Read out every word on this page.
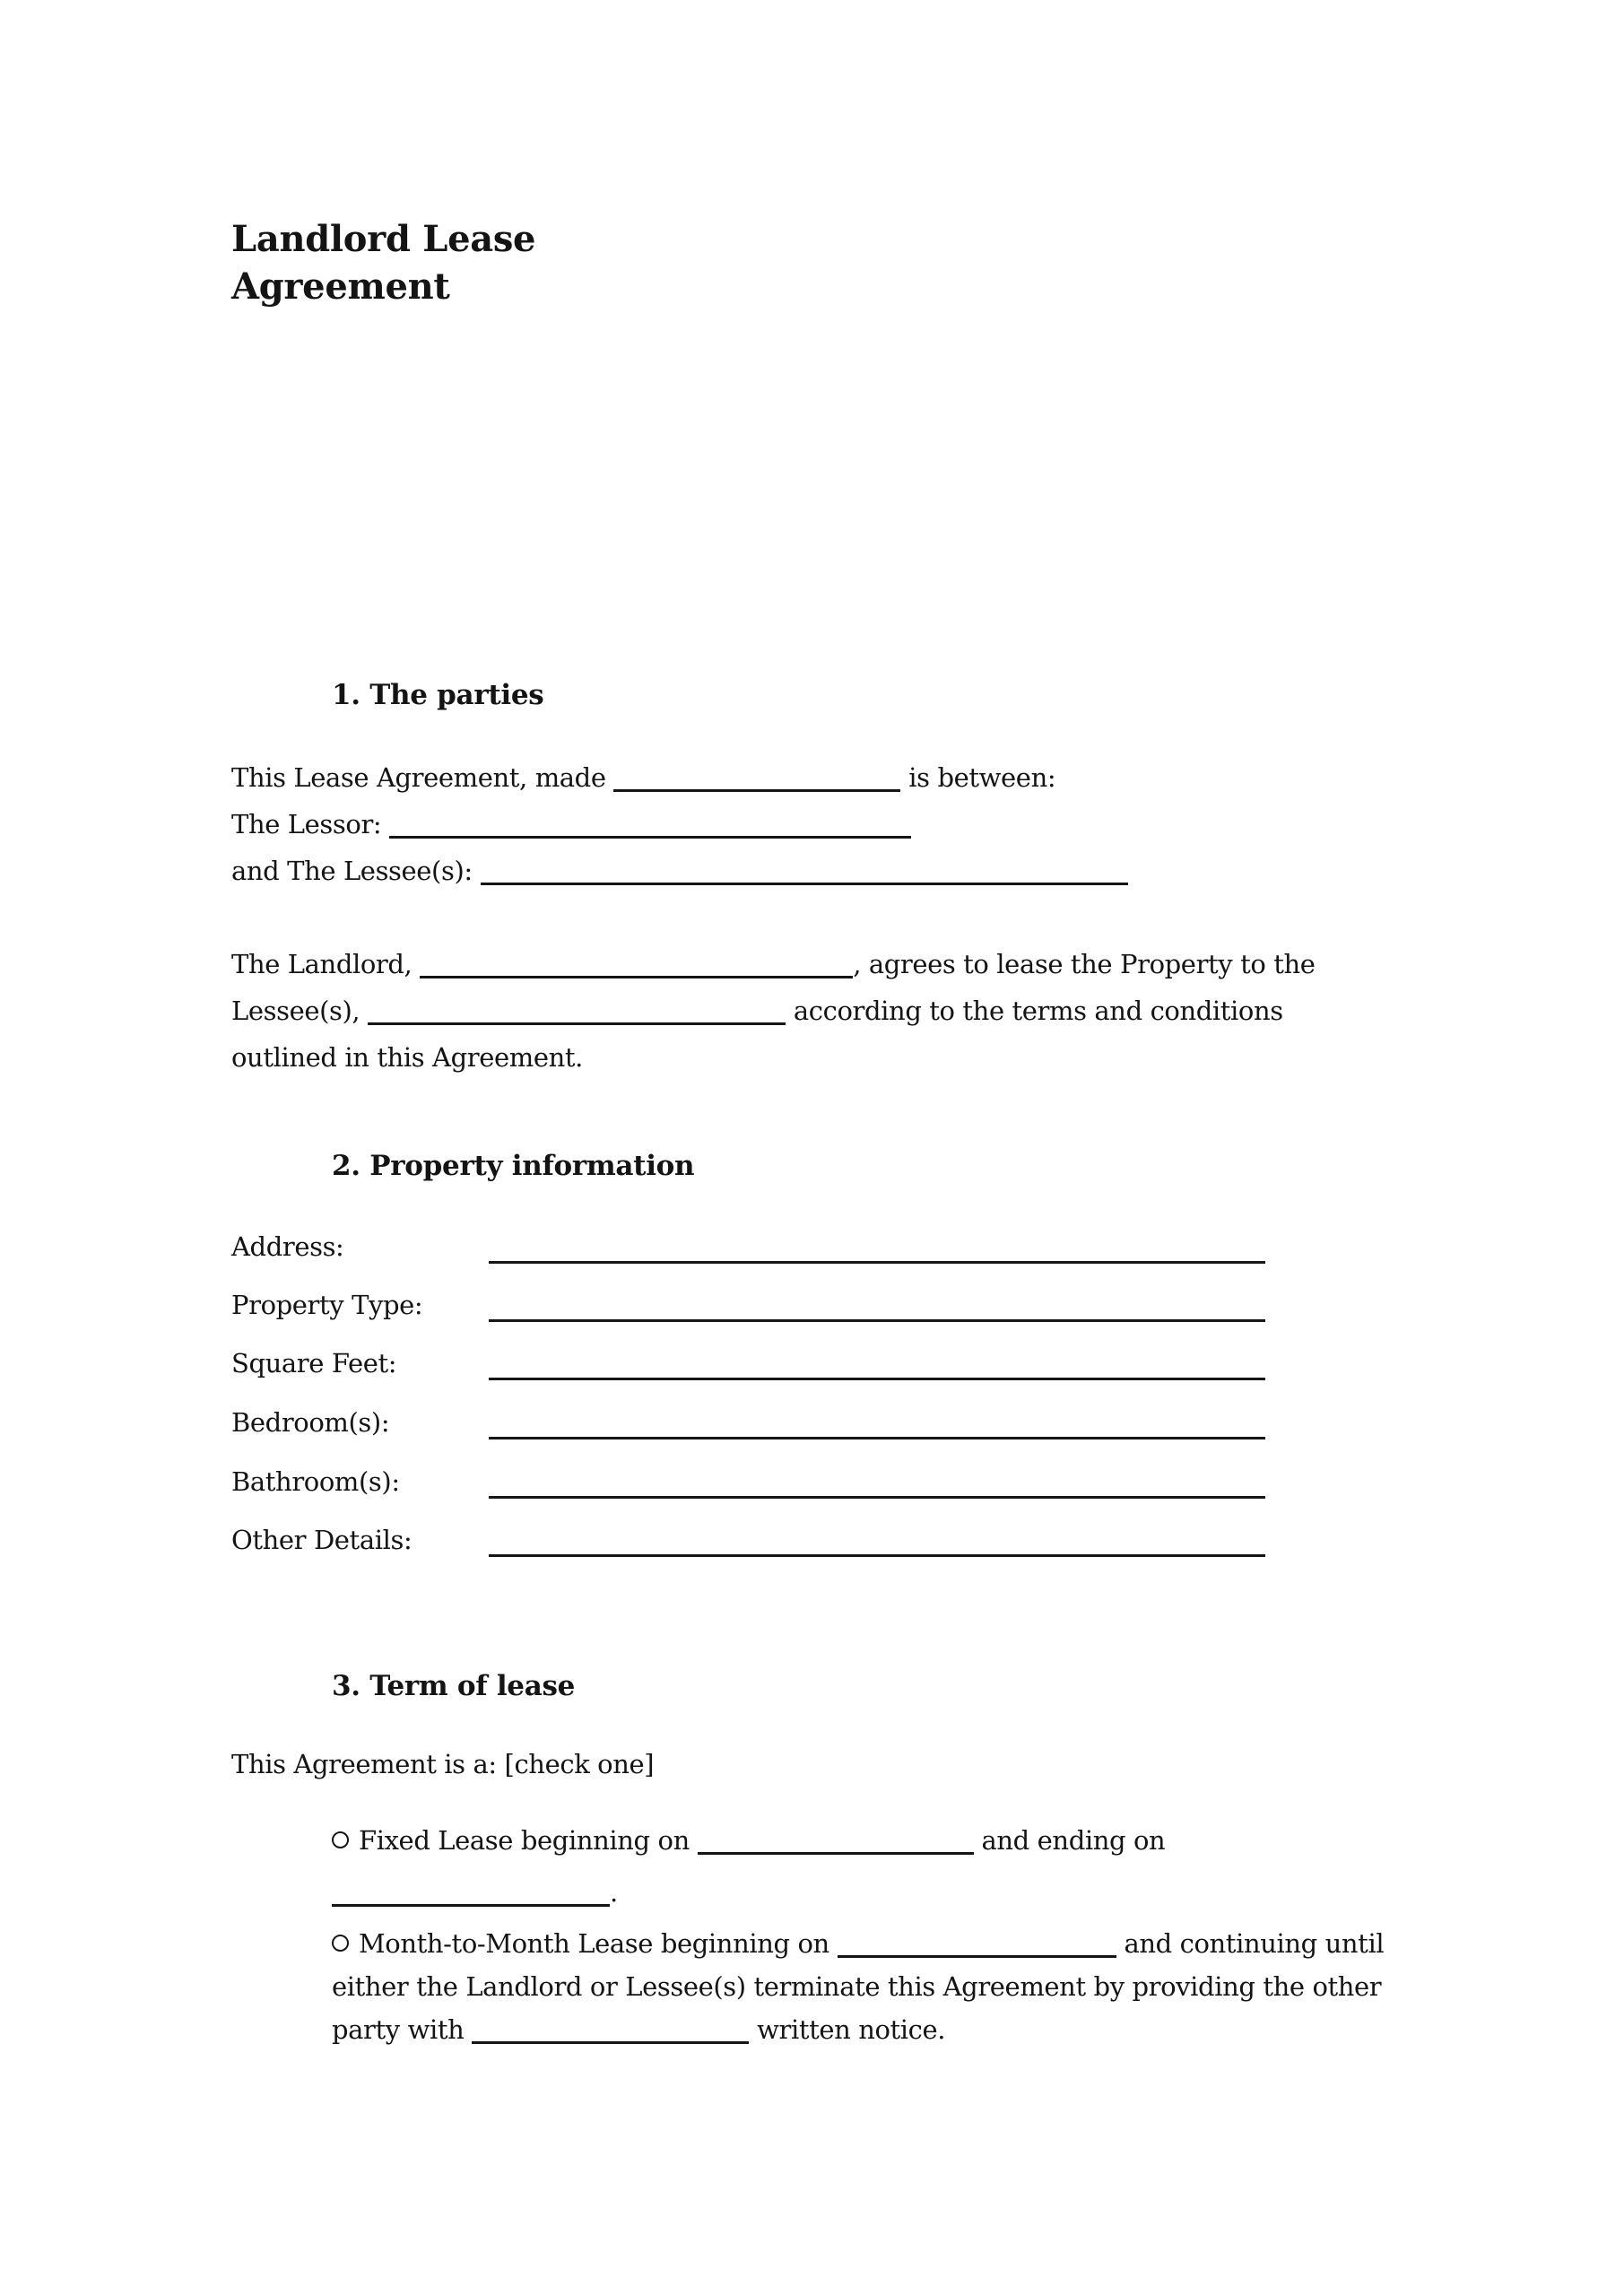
Landlord Lease Agreement
1. The parties
This Lease Agreement, made	is between:
The Lessor:
and The Lessee(s):
The Landlord,	, agrees to lease the Property to the
Lessee(s),	according to the terms and conditions
outlined in this Agreement.
2. Property information
Address:
Property Type:
Square Feet:
Bedroom(s):
Bathroom(s):
Other Details:
3. Term of lease
This Agreement is a: [check one]
Fixed Lease beginning on	and ending on
.
Month-to-Month Lease beginning on	and continuing until
either the Landlord or Lessee(s) terminate this Agreement by providing the other
party with	written notice.
